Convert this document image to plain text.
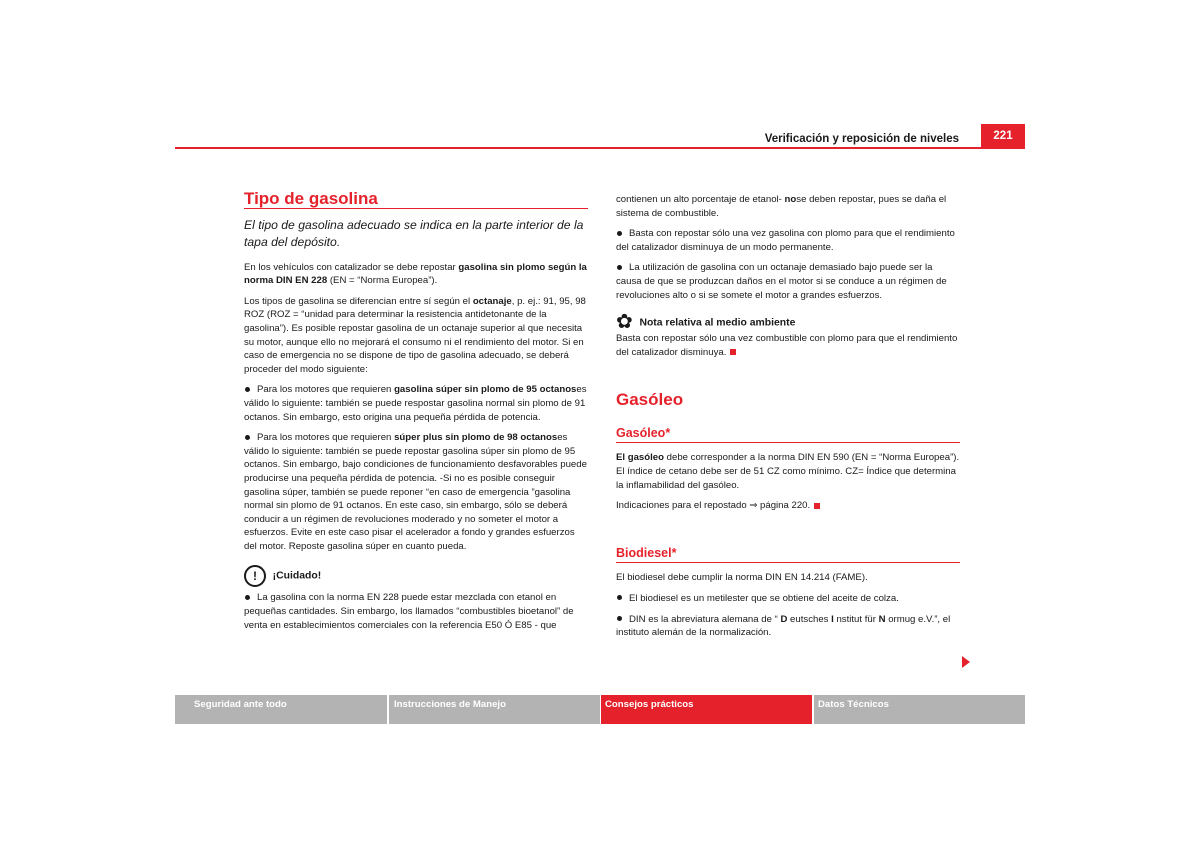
Verificación y reposición de niveles	221
Tipo de gasolina

El tipo de gasolina adecuado se indica en la parte interior de la tapa del depósito.

En los vehículos con catalizador se debe repostar gasolina sin plomo según la norma DIN EN 228 (EN = “Norma Europea”).

Los tipos de gasolina se diferencian entre sí según el octanaje, p. ej.: 91, 95, 98 ROZ (ROZ = “unidad para determinar la resistencia antidetonante de la gasolina”). Es posible repostar gasolina de un octanaje superior al que necesita su motor, aunque ello no mejorará el consumo ni el rendimiento del motor. Si en caso de emergencia no se dispone de tipo de gasolina adecuado, se deberá proceder del modo siguiente:

Para los motores que requieren gasolina súper sin plomo de 95 octanoses válido lo siguiente: también se puede respostar gasolina normal sin plomo de 91 octanos. Sin embargo, esto origina una pequeña pérdida de potencia.

Para los motores que requieren súper plus sin plomo de 98 octanoses válido lo siguiente: también se puede repostar gasolina súper sin plomo de 95 octanos. Sin embargo, bajo condiciones de funcionamiento desfavorables puede producirse una pequeña pérdida de potencia. -Si no es posible conseguir gasolina súper, también se puede reponer “en caso de emergencia ”gasolina normal sin plomo de 91 octanos. En este caso, sin embargo, sólo se deberá conducir a un régimen de revoluciones moderado y no someter el motor a esfuerzos. Evite en este caso pisar el acelerador a fondo y grandes esfuerzos del motor. Reposte gasolina súper en cuanto pueda.

! ¡Cuidado!

La gasolina con la norma EN 228 puede estar mezclada con etanol en pequeñas cantidades. Sin embargo, los llamados “combustibles bioetanol” de venta en establecimientos comerciales con la referencia E50 Ó E85 - que

contienen un alto porcentaje de etanol- nose deben repostar, pues se daña el sistema de combustible.

Basta con repostar sólo una vez gasolina con plomo para que el rendimiento del catalizador disminuya de un modo permanente.

La utilización de gasolina con un octanaje demasiado bajo puede ser la causa de que se produzcan daños en el motor si se conduce a un régimen de revoluciones alto o si se somete el motor a grandes esfuerzos.

✿ Nota relativa al medio ambiente

Basta con repostar sólo una vez combustible con plomo para que el rendimiento del catalizador disminuya.

Gasóleo
Gasóleo*

El gasóleo debe corresponder a la norma DIN EN 590 (EN = “Norma Europea”). El índice de cetano debe ser de 51 CZ como mínimo. CZ= Índice que determina la inflamabilidad del gasóleo.

Indicaciones para el repostado ⇒ página 220.

Biodiesel*

El biodiesel debe cumplir la norma DIN EN 14.214 (FAME).

El biodiesel es un metilester que se obtiene del aceite de colza.

DIN es la abreviatura alemana de “ D eutsches I nstitut für N ormug e.V.”, el instituto alemán de la normalización.

Seguridad ante todo	Instrucciones de Manejo	Consejos prácticos	Datos Técnicos
